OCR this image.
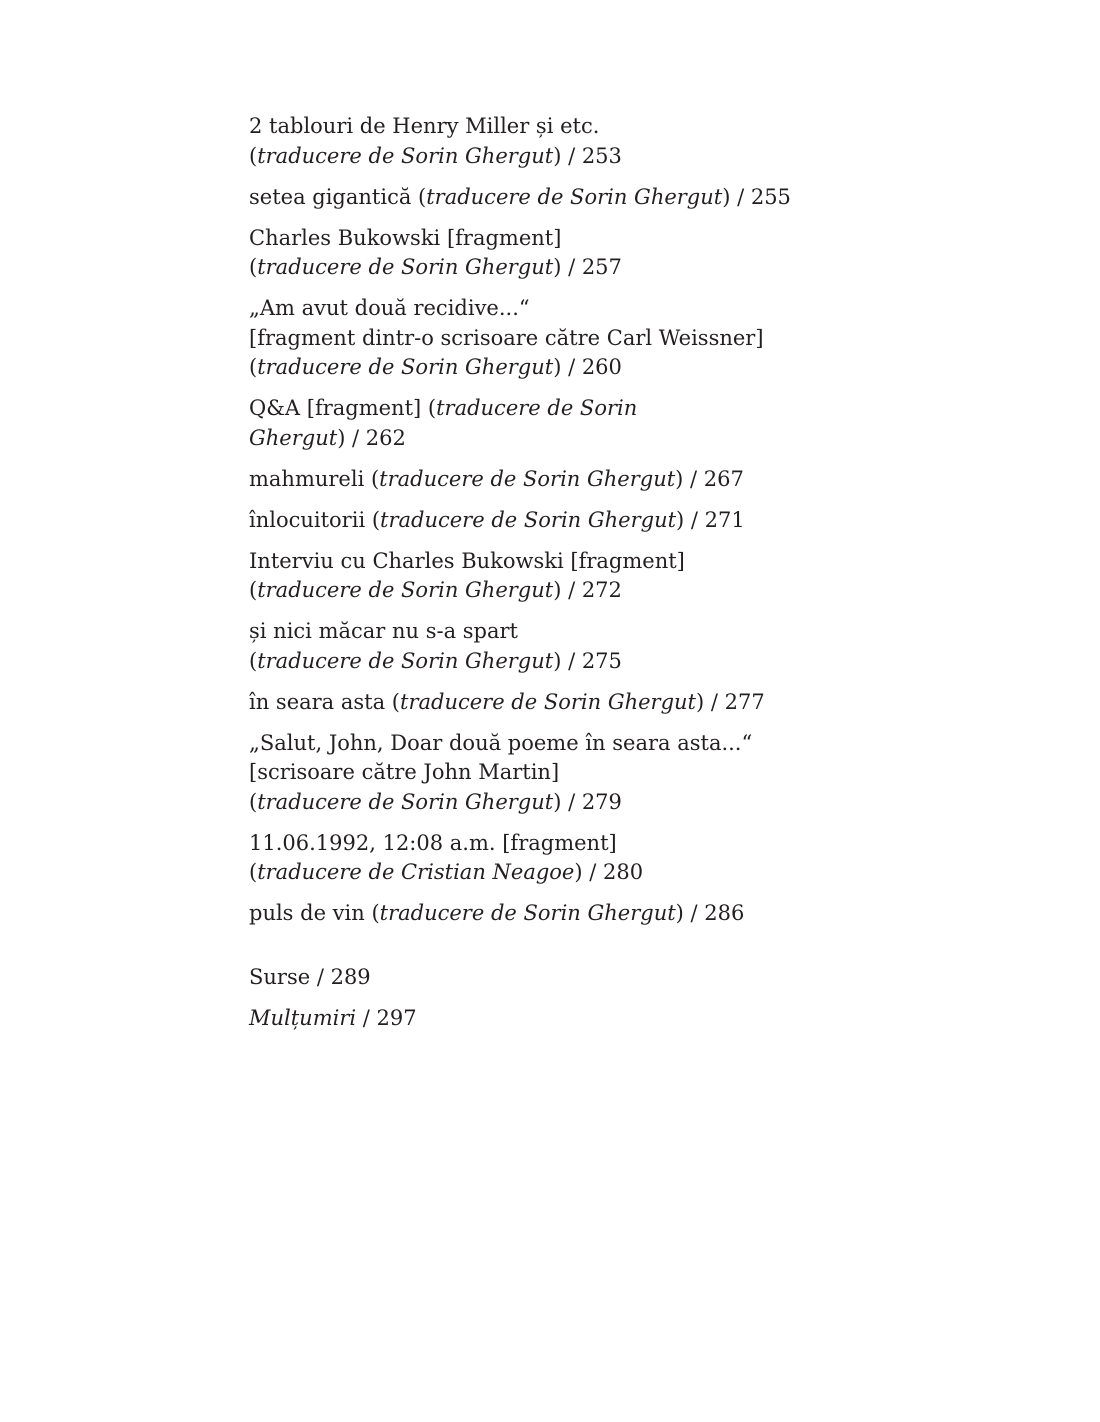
2 tablouri de Henry Miller și etc.
(traducere de Sorin Ghergut) / 253
setea gigantică (traducere de Sorin Ghergut) / 255
Charles Bukowski [fragment]
(traducere de Sorin Ghergut) / 257
„Am avut două recidive...“
[fragment dintr-o scrisoare către Carl Weissner]
(traducere de Sorin Ghergut) / 260
Q&A [fragment] (traducere de Sorin
Ghergut) / 262
mahmureli (traducere de Sorin Ghergut) / 267
înlocuitorii (traducere de Sorin Ghergut) / 271
Interviu cu Charles Bukowski [fragment]
(traducere de Sorin Ghergut) / 272
și nici măcar nu s-a spart
(traducere de Sorin Ghergut) / 275
în seara asta (traducere de Sorin Ghergut) / 277
„Salut, John, Doar două poeme în seara asta...“
[scrisoare către John Martin]
(traducere de Sorin Ghergut) / 279
11.06.1992, 12:08 a.m. [fragment]
(traducere de Cristian Neagoe) / 280
puls de vin (traducere de Sorin Ghergut) / 286
Surse / 289
Mulțumiri / 297
